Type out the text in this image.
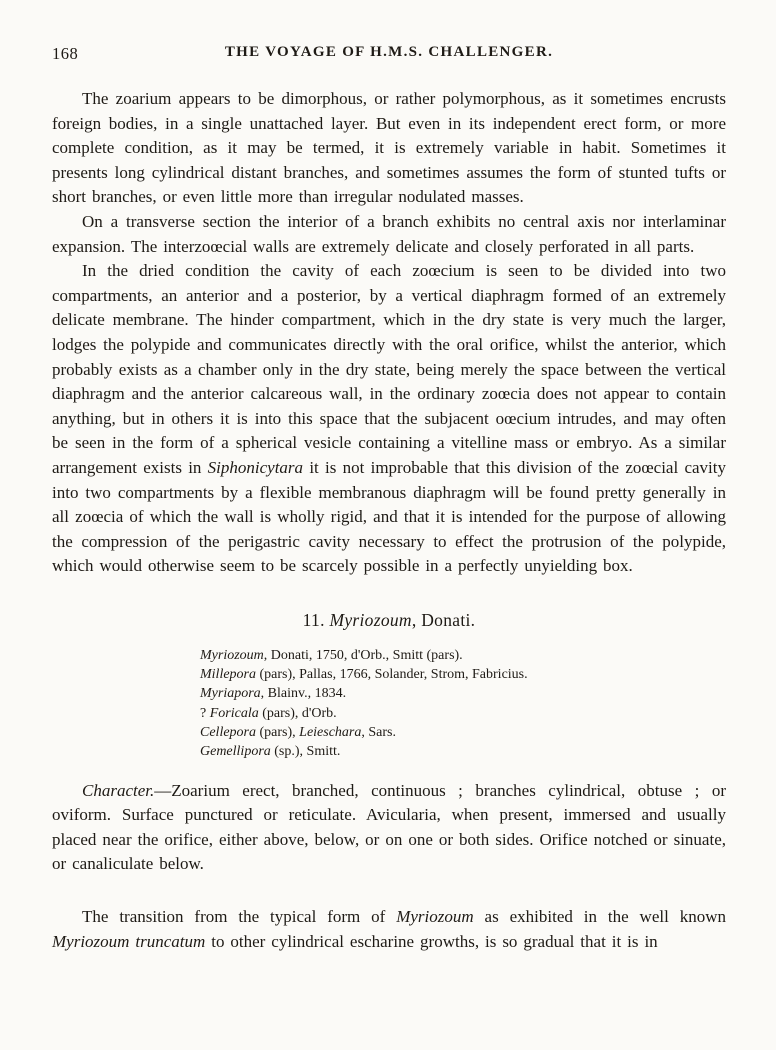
168	THE VOYAGE OF H.M.S. CHALLENGER.

The zoarium appears to be dimorphous, or rather polymorphous, as it sometimes encrusts foreign bodies, in a single unattached layer. But even in its independent erect form, or more complete condition, as it may be termed, it is extremely variable in habit. Sometimes it presents long cylindrical distant branches, and sometimes assumes the form of stunted tufts or short branches, or even little more than irregular nodulated masses.

On a transverse section the interior of a branch exhibits no central axis nor interlaminar expansion. The interzoœcial walls are extremely delicate and closely perforated in all parts.

In the dried condition the cavity of each zoœcium is seen to be divided into two compartments, an anterior and a posterior, by a vertical diaphragm formed of an extremely delicate membrane. The hinder compartment, which in the dry state is very much the larger, lodges the polypide and communicates directly with the oral orifice, whilst the anterior, which probably exists as a chamber only in the dry state, being merely the space between the vertical diaphragm and the anterior calcareous wall, in the ordinary zoœcia does not appear to contain anything, but in others it is into this space that the subjacent oœcium intrudes, and may often be seen in the form of a spherical vesicle containing a vitelline mass or embryo. As a similar arrangement exists in Siphonicytara it is not improbable that this division of the zoœcial cavity into two compartments by a flexible membranous diaphragm will be found pretty generally in all zoœcia of which the wall is wholly rigid, and that it is intended for the purpose of allowing the compression of the perigastric cavity necessary to effect the protrusion of the polypide, which would otherwise seem to be scarcely possible in a perfectly unyielding box.

11. Myriozoum, Donati.
Myriozoum, Donati, 1750, d'Orb., Smitt (pars).
Millepora (pars), Pallas, 1766, Solander, Strom, Fabricius.
Myriapora, Blainv., 1834.
? Foricala (pars), d'Orb.
Cellepora (pars), Leieschara, Sars.
Gemellipora (sp.), Smitt.

Character.—Zoarium erect, branched, continuous ; branches cylindrical, obtuse ; or oviform. Surface punctured or reticulate. Avicularia, when present, immersed and usually placed near the orifice, either above, below, or on one or both sides. Orifice notched or sinuate, or canaliculate below.

The transition from the typical form of Myriozoum as exhibited in the well known Myriozoum truncatum to other cylindrical escharine growths, is so gradual that it is in
